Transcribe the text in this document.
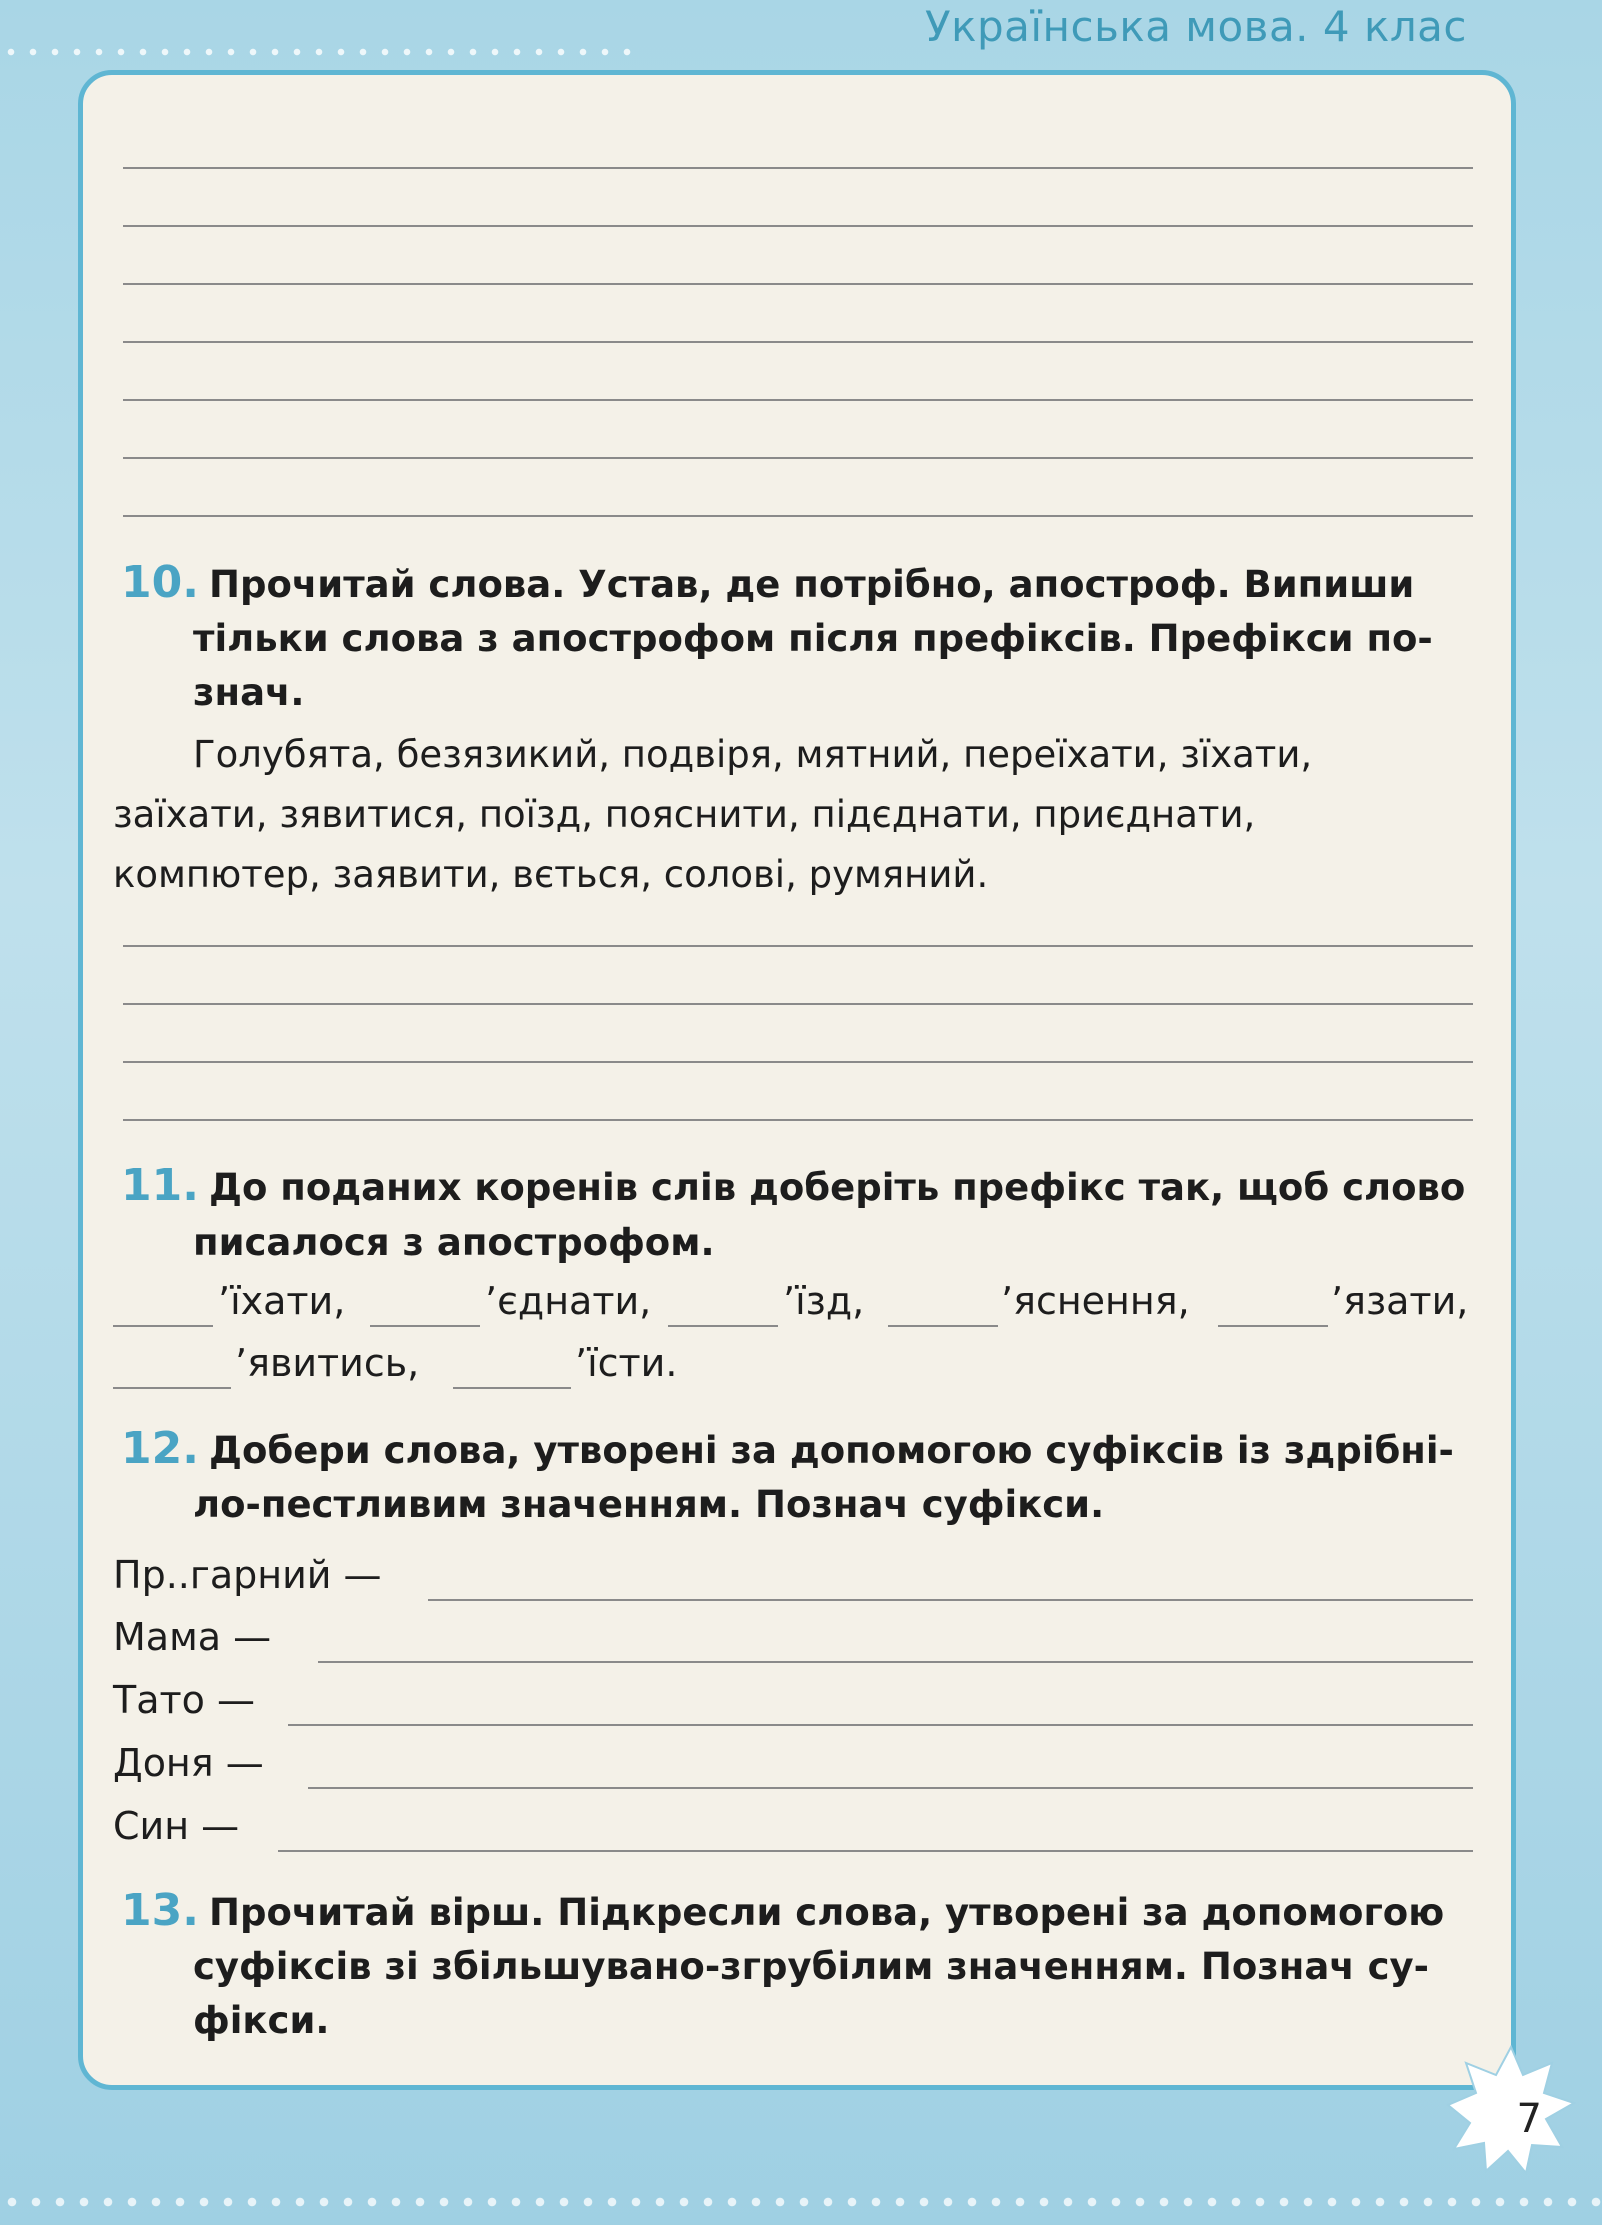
Українська мова. 4 клас
10. Прочитай слова. Устав, де потрібно, апостроф. Випиши
тільки слова з апострофом після префіксів. Префікси по-
знач.
Голубята, безязикий, подвіря, мятний, переїхати, зїхати,
заїхати, зявитися, поїзд, пояснити, підєднати, приєднати,
компютер, заявити, вється, солові, румяний.
11. До поданих коренів слів доберіть префікс так, щоб слово
писалося з апострофом.
’їхати,	’єднати,	’їзд,	’яснення,	’язати,
’явитись,	’їсти.
12. Добери слова, утворені за допомогою суфіксів із здрібні-
ло-пестливим значенням. Познач суфікси.
Пр..гарний —
Мама —
Тато —
Доня —
Син —
13. Прочитай вірш. Підкресли слова, утворені за допомогою
суфіксів зі збільшувано-згрубілим значенням. Познач су-
фікси.
7
